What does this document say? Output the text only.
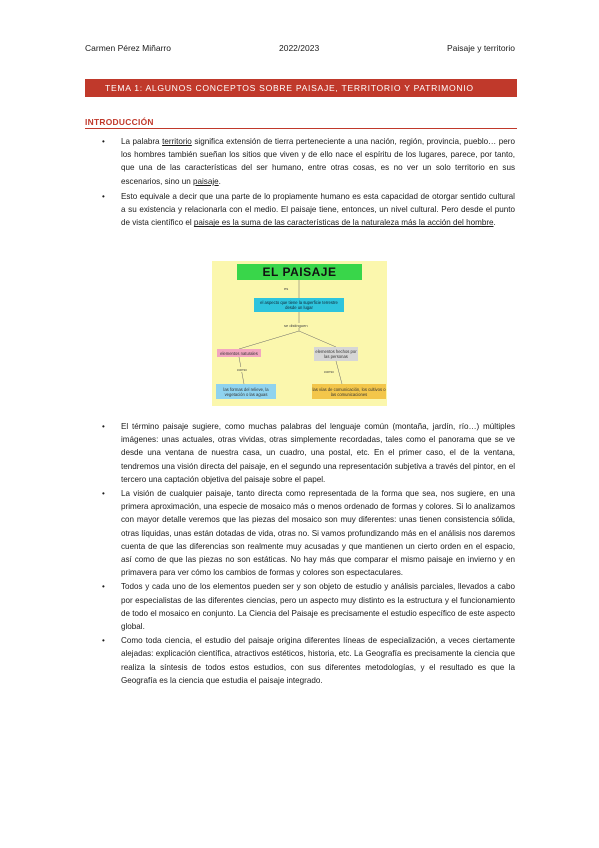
Carmen Pérez Miñarro	2022/2023	Paisaje y territorio
TEMA 1: ALGUNOS CONCEPTOS SOBRE PAISAJE, TERRITORIO Y PATRIMONIO
INTRODUCCIÓN
• La palabra territorio significa extensión de tierra perteneciente a una nación, región, provincia, pueblo… pero los hombres también sueñan los sitios que viven y de ello nace el espíritu de los lugares, parece, por tanto, que una de las características del ser humano, entre otras cosas, es no ver un solo territorio en sus escenarios, sino un paisaje.
• Esto equivale a decir que una parte de lo propiamente humano es esta capacidad de otorgar sentido cultural a su existencia y relacionarla con el medio. El paisaje tiene, entonces, un nivel cultural. Pero desde el punto de vista científico el paisaje es la suma de las características de la naturaleza más la acción del hombre.
EL PAISAJE
es
el aspecto que tiene la superficie terrestre desde un lugar
se distinguen
elementos naturales	elementos hechos por las personas
como	como
las formas del relieve, la vegetación o las aguas
las vías de comunicación, los cultivos o las comunicaciones
• El término paisaje sugiere, como muchas palabras del lenguaje común (montaña, jardín, río…) múltiples imágenes: unas actuales, otras vividas, otras simplemente recordadas, tales como el panorama que se ve desde una ventana de nuestra casa, un cuadro, una postal, etc. En el primer caso, el de la ventana, tendremos una visión directa del paisaje, en el segundo una representación subjetiva a través del pintor, en el tercero una captación objetiva del paisaje sobre el papel.
• La visión de cualquier paisaje, tanto directa como representada de la forma que sea, nos sugiere, en una primera aproximación, una especie de mosaico más o menos ordenado de formas y colores. Si lo analizamos con mayor detalle veremos que las piezas del mosaico son muy diferentes: unas tienen consistencia sólida, otras líquidas, unas están dotadas de vida, otras no. Si vamos profundizando más en el análisis nos daremos cuenta de que las diferencias son realmente muy acusadas y que mantienen un cierto orden en el espacio, así como de que las piezas no son estáticas. No hay más que comparar el mismo paisaje en invierno y en primavera para ver cómo los cambios de formas y colores son espectaculares.
• Todos y cada uno de los elementos pueden ser y son objeto de estudio y análisis parciales, llevados a cabo por especialistas de las diferentes ciencias, pero un aspecto muy distinto es la estructura y el funcionamiento de todo el mosaico en conjunto. La Ciencia del Paisaje es precisamente el estudio específico de este aspecto global.
• Como toda ciencia, el estudio del paisaje origina diferentes líneas de especialización, a veces ciertamente alejadas: explicación científica, atractivos estéticos, historia, etc. La Geografía es precisamente la ciencia que realiza la síntesis de todos estos estudios, con sus diferentes metodologías, y el resultado es que la Geografía es la ciencia que estudia el paisaje integrado.
